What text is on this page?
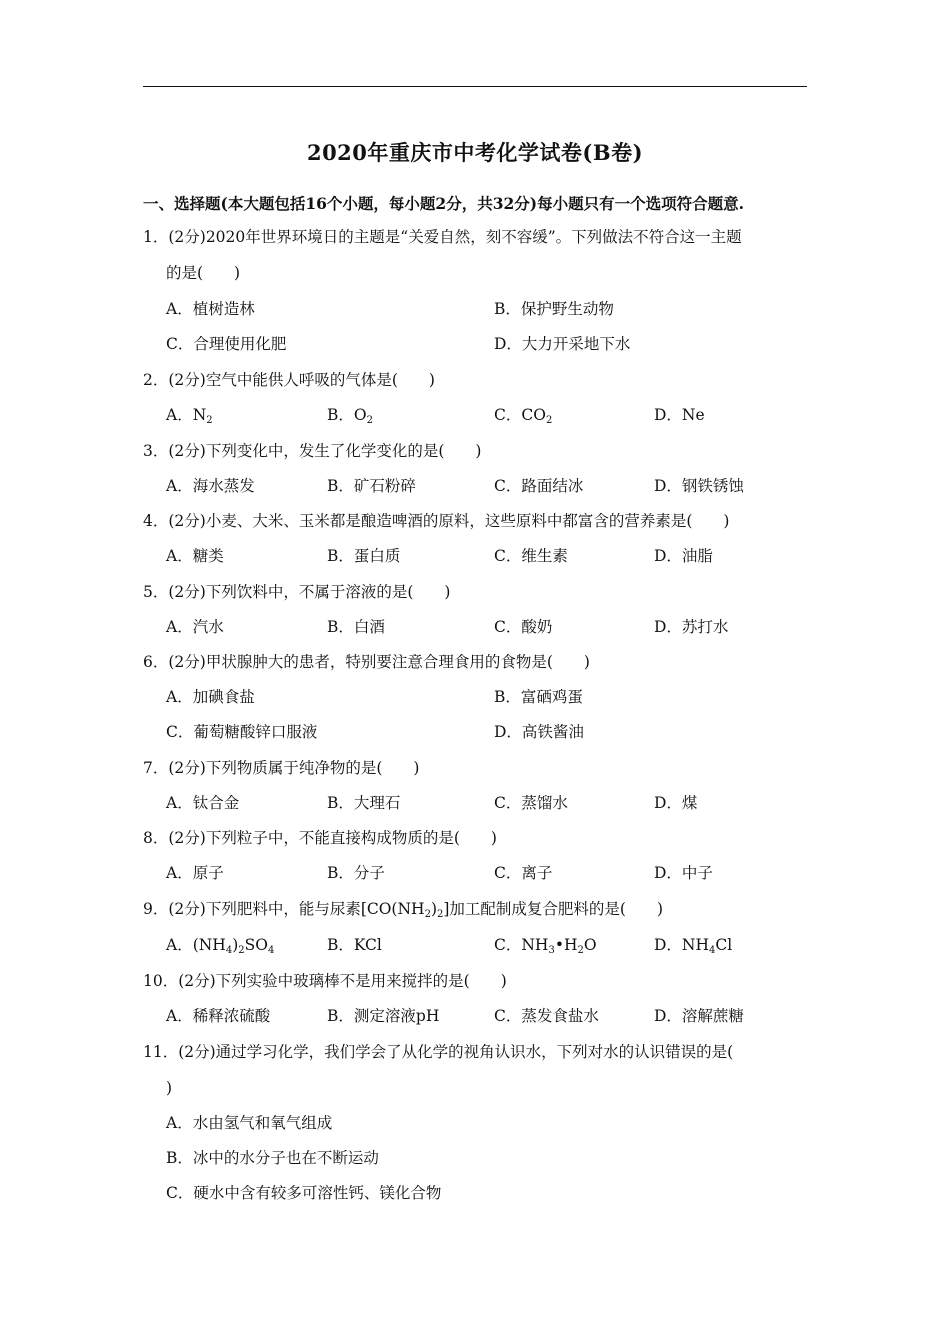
2020年重庆市中考化学试卷(B卷)
一、选择题(本大题包括16个小题，每小题2分，共32分)每小题只有一个选项符合题意.
1．(2分)2020年世界环境日的主题是“关爱自然，刻不容缓”。下列做法不符合这一主题
的是(　　)
A．植树造林	B．保护野生动物
C．合理使用化肥	D．大力开采地下水
2．(2分)空气中能供人呼吸的气体是(　　)
A．$N_2$	B．$O_2$	C．$CO_2$	D．Ne
3．(2分)下列变化中，发生了化学变化的是(　　)
A．海水蒸发	B．矿石粉碎	C．路面结冰	D．钢铁锈蚀
4．(2分)小麦、大米、玉米都是酿造啤酒的原料，这些原料中都富含的营养素是(　　)
A．糖类	B．蛋白质	C．维生素	D．油脂
5．(2分)下列饮料中，不属于溶液的是(　　)
A．汽水	B．白酒	C．酸奶	D．苏打水
6．(2分)甲状腺肿大的患者，特别要注意合理食用的食物是(　　)
A．加碘食盐	B．富硒鸡蛋
C．葡萄糖酸锌口服液	D．高铁酱油
7．(2分)下列物质属于纯净物的是(　　)
A．钛合金	B．大理石	C．蒸馏水	D．煤
8．(2分)下列粒子中，不能直接构成物质的是(　　)
A．原子	B．分子	C．离子	D．中子
9．(2分)下列肥料中，能与尿素$[CO(NH_2)_2]$加工配制成复合肥料的是(　　)
A．$(NH_4)_2SO_4$	B．KCl	C．$NH_3•H_2O$	D．$NH_4Cl$
10．(2分)下列实验中玻璃棒不是用来搅拌的是(　　)
A．稀释浓硫酸	B．测定溶液pH	C．蒸发食盐水	D．溶解蔗糖
11．(2分)通过学习化学，我们学会了从化学的视角认识水，下列对水的认识错误的是(
)
A．水由氢气和氧气组成
B．冰中的水分子也在不断运动
C．硬水中含有较多可溶性钙、镁化合物
